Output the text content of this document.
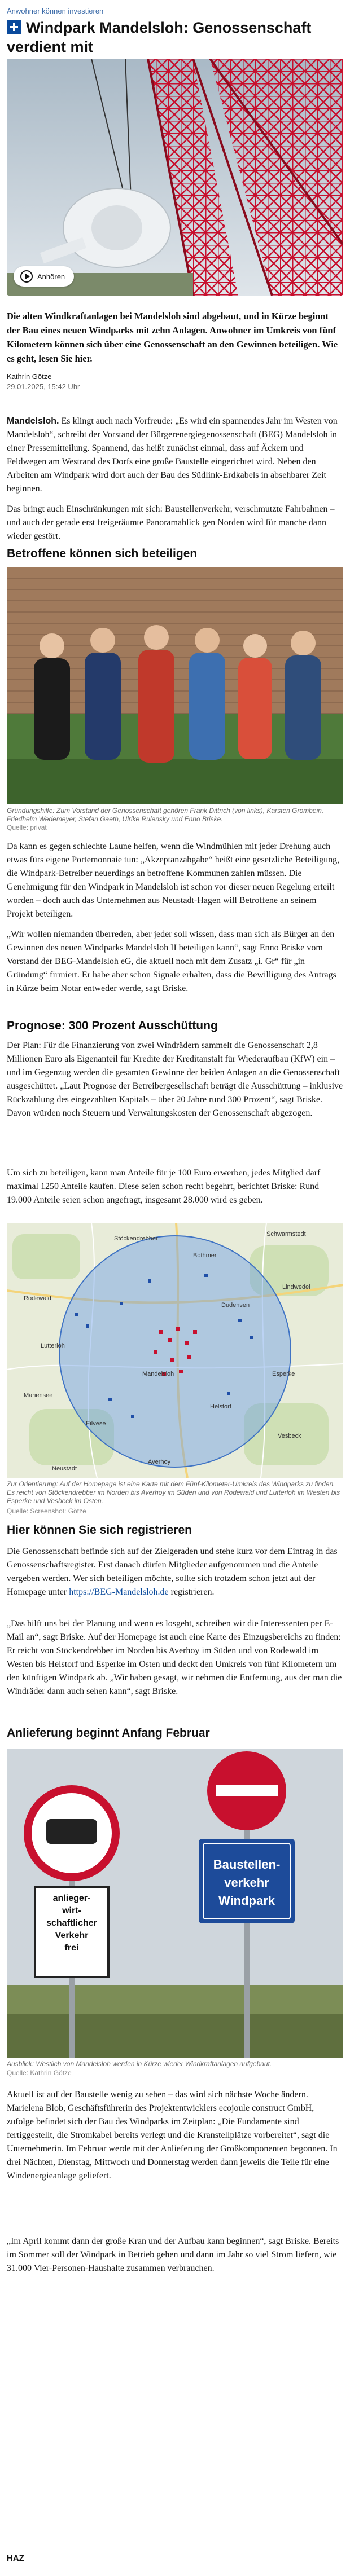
Anwohner können investieren
Windpark Mandelsloh: Genossenschaft verdient mit
Anhören

Die alten Windkraftanlagen bei Mandelsloh sind abgebaut, und in Kürze beginnt der Bau eines neuen Windparks mit zehn Anlagen. Anwohner im Umkreis von fünf Kilometern können sich über eine Genossenschaft an den Gewinnen beteiligen. Wie es geht, lesen Sie hier.

Kathrin Götze
29.01.2025, 15:42 Uhr

Mandelsloh. Es klingt auch nach Vorfreude: „Es wird ein spannendes Jahr im Westen von Mandelsloh“, schreibt der Vorstand der Bürgerenergiegenossenschaft (BEG) Mandelsloh in einer Pressemitteilung. Spannend, das heißt zunächst einmal, dass auf Äckern und Feldwegen am Westrand des Dorfs eine große Baustelle eingerichtet wird. Neben den Arbeiten am Windpark wird dort auch der Bau des Südlink-Erdkabels in absehbarer Zeit beginnen.

Das bringt auch Einschränkungen mit sich: Baustellenverkehr, verschmutzte Fahrbahnen – und auch der gerade erst freigeräumte Panoramablick gen Norden wird für manche dann wieder gestört.

Betroffene können sich beteiligen
Gründungshilfe: Zum Vorstand der Genossenschaft gehören Frank Dittrich (von links), Karsten Grombein, Friedhelm Wedemeyer, Stefan Gaeth, Ulrike Rulensky und Enno Briske.
Quelle: privat

Da kann es gegen schlechte Laune helfen, wenn die Windmühlen mit jeder Drehung auch etwas fürs eigene Portemonnaie tun: „Akzeptanzabgabe“ heißt eine gesetzliche Beteiligung, die Windpark-Betreiber neuerdings an betroffene Kommunen zahlen müssen. Die Genehmigung für den Windpark in Mandelsloh ist schon vor dieser neuen Regelung erteilt worden – doch auch das Unternehmen aus Neustadt-Hagen will Betroffene an seinem Projekt beteiligen.

„Wir wollen niemanden überreden, aber jeder soll wissen, dass man sich als Bürger an den Gewinnen des neuen Windparks Mandelsloh II beteiligen kann“, sagt Enno Briske vom Vorstand der BEG-Mandelsloh eG, die aktuell noch mit dem Zusatz „i. Gr“ für „in Gründung“ firmiert. Er habe aber schon Signale erhalten, dass die Bewilligung des Antrags in Kürze beim Notar entweder werde, sagt Briske.

Prognose: 300 Prozent Ausschüttung

Der Plan: Für die Finanzierung von zwei Windrädern sammelt die Genossenschaft 2,8 Millionen Euro als Eigenanteil für Kredite der Kreditanstalt für Wiederaufbau (KfW) ein – und im Gegenzug werden die gesamten Gewinne der beiden Anlagen an die Genossenschaft ausgeschüttet. „Laut Prognose der Betreibergesellschaft beträgt die Ausschüttung – inklusive Rückzahlung des eingezahlten Kapitals – über 20 Jahre rund 300 Prozent“, sagt Briske. Davon würden noch Steuern und Verwaltungskosten der Genossenschaft abgezogen.

Um sich zu beteiligen, kann man Anteile für je 100 Euro erwerben, jedes Mitglied darf maximal 1250 Anteile kaufen. Diese seien schon recht begehrt, berichtet Briske: Rund 19.000 Anteile seien schon angefragt, insgesamt 28.000 wird es geben.

Schwarmstedt
Bothmer
Lindwedel
Rodewald
Lutterloh
Mandelsloh
Helstorf
Esperke
Vesbeck
Averhoy
Stöckendrebber
Eilvese
Mariensee
Dudensen
Neustadt
Zur Orientierung: Auf der Homepage ist eine Karte mit dem Fünf-Kilometer-Umkreis des Windparks zu finden. Es reicht von Stöckendrebber im Norden bis Averhoy im Süden und von Rodewald und Lutterloh im Westen bis Esperke und Vesbeck im Osten.
Quelle: Screenshot: Götze
Hier können Sie sich registrieren

Die Genossenschaft befinde sich auf der Zielgeraden und stehe kurz vor dem Eintrag in das Genossenschaftsregister. Erst danach dürfen Mitglieder aufgenommen und die Anteile vergeben werden. Wer sich beteiligen möchte, sollte sich trotzdem schon jetzt auf der Homepage unter https://BEG-Mandelsloh.de registrieren.

„Das hilft uns bei der Planung und wenn es losgeht, schreiben wir die Interessenten per E-Mail an“, sagt Briske. Auf der Homepage ist auch eine Karte des Einzugsbereichs zu finden: Er reicht von Stöckendrebber im Norden bis Averhoy im Süden und von Rodewald im Westen bis Helstorf und Esperke im Osten und deckt den Umkreis von fünf Kilometern um den künftigen Windpark ab. „Wir haben gesagt, wir nehmen die Entfernung, aus der man die Windräder dann auch sehen kann“, sagt Briske.

Anlieferung beginnt Anfang Februar
anlieger-
wirt-
schaftlicher
Verkehr
frei
Baustellen-
verkehr
Windpark
Ausblick: Westlich von Mandelsloh werden in Kürze wieder Windkraftanlagen aufgebaut.
Quelle: Kathrin Götze

Aktuell ist auf der Baustelle wenig zu sehen – das wird sich nächste Woche ändern. Marielena Blob, Geschäftsführerin des Projektentwicklers ecojoule construct GmbH, zufolge befindet sich der Bau des Windparks im Zeitplan: „Die Fundamente sind fertiggestellt, die Stromkabel bereits verlegt und die Kranstellplätze vorbereitet“, sagt die Unternehmerin. Im Februar werde mit der Anlieferung der Großkomponenten begonnen. In drei Nächten, Dienstag, Mittwoch und Donnerstag werden dann jeweils die Teile für eine Windenergieanlage geliefert.

„Im April kommt dann der große Kran und der Aufbau kann beginnen“, sagt Briske. Bereits im Sommer soll der Windpark in Betrieb gehen und dann im Jahr so viel Strom liefern, wie 31.000 Vier-Personen-Haushalte zusammen verbrauchen.

HAZ
